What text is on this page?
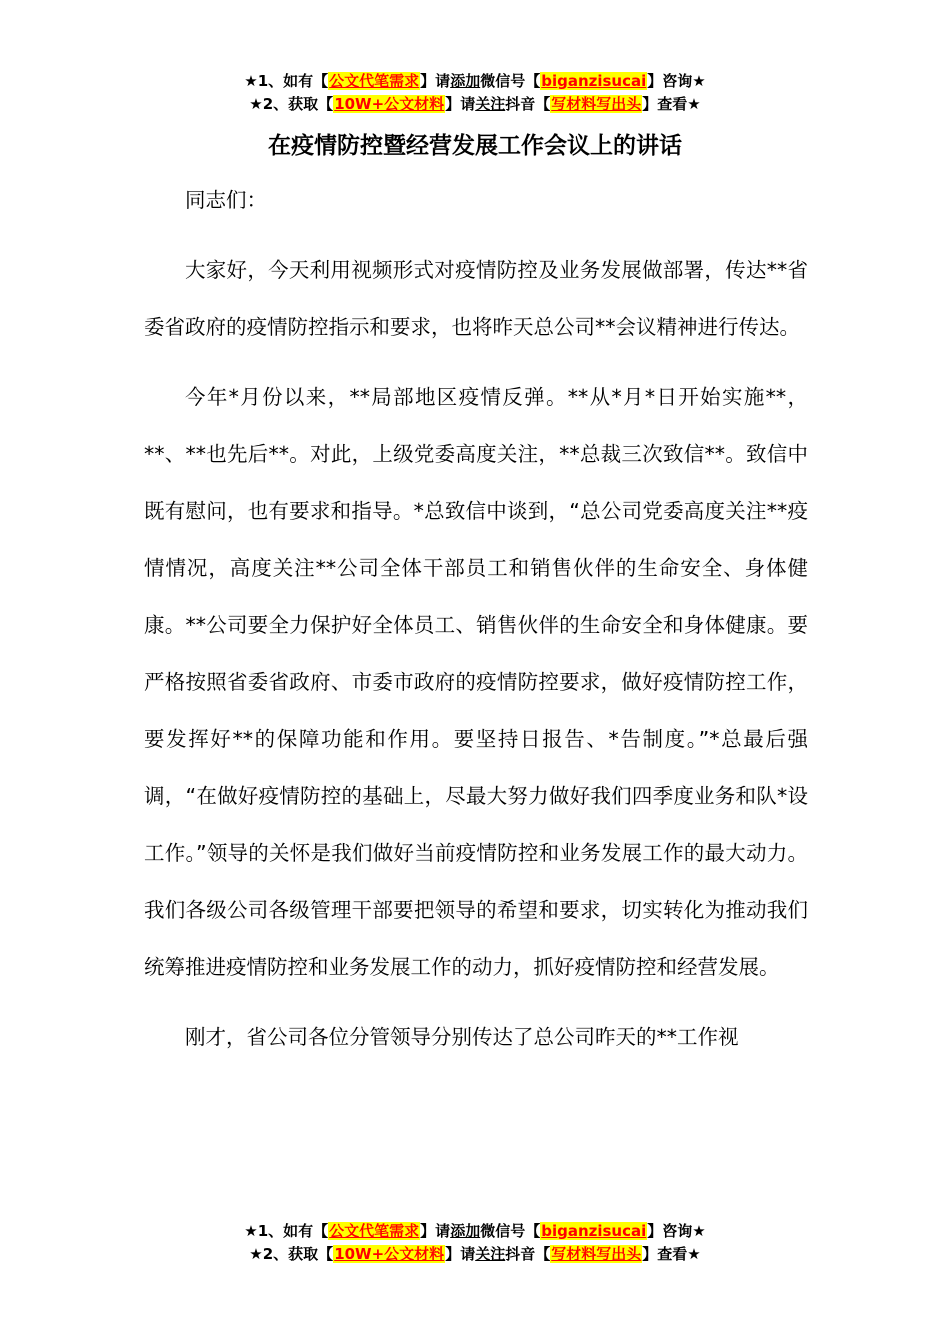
★1、如有【公文代笔需求】请添加微信号【biganzisucai】咨询★
★2、获取【10W+公文材料】请关注抖音【写材料写出头】查看★
在疫情防控暨经营发展工作会议上的讲话

同志们：

大家好，今天利用视频形式对疫情防控及业务发展做部署，传达**省委省政府的疫情防控指示和要求，也将昨天总公司**会议精神进行传达。

今年*月份以来，**局部地区疫情反弹。**从*月*日开始实施**，**、**也先后**。对此，上级党委高度关注，**总裁三次致信**。致信中既有慰问，也有要求和指导。*总致信中谈到，“总公司党委高度关注**疫情情况，高度关注**公司全体干部员工和销售伙伴的生命安全、身体健康。**公司要全力保护好全体员工、销售伙伴的生命安全和身体健康。要严格按照省委省政府、市委市政府的疫情防控要求，做好疫情防控工作，要发挥好**的保障功能和作用。要坚持日报告、*告制度。”*总最后强调，“在做好疫情防控的基础上，尽最大努力做好我们四季度业务和队*设工作。”领导的关怀是我们做好当前疫情防控和业务发展工作的最大动力。我们各级公司各级管理干部要把领导的希望和要求，切实转化为推动我们统筹推进疫情防控和业务发展工作的动力，抓好疫情防控和经营发展。

刚才，省公司各位分管领导分别传达了总公司昨天的**工作视

★1、如有【公文代笔需求】请添加微信号【biganzisucai】咨询★
★2、获取【10W+公文材料】请关注抖音【写材料写出头】查看★
